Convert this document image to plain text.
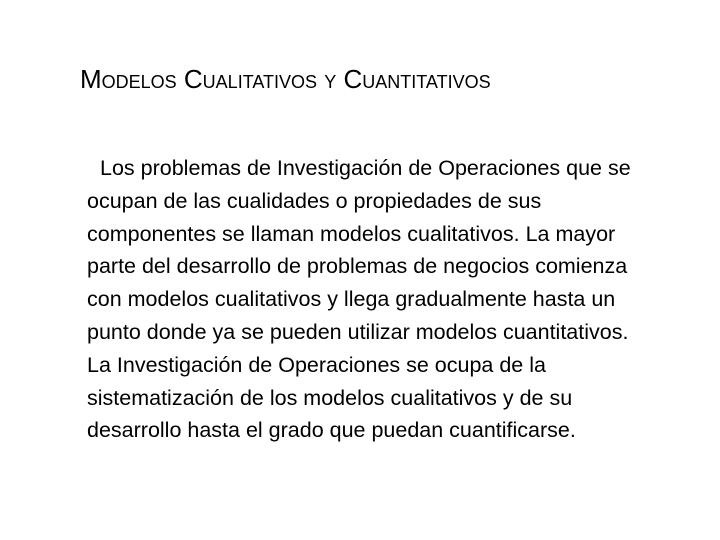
Modelos Cualitativos y Cuantitativos

Los problemas de Investigación de Operaciones que se ocupan de las cualidades o propiedades de sus componentes se llaman modelos cualitativos. La mayor parte del desarrollo de problemas de negocios comienza con modelos cualitativos y llega gradualmente hasta un punto donde ya se pueden utilizar modelos cuantitativos. La Investigación de Operaciones se ocupa de la sistematización de los modelos cualitativos y de su desarrollo hasta el grado que puedan cuantificarse.
